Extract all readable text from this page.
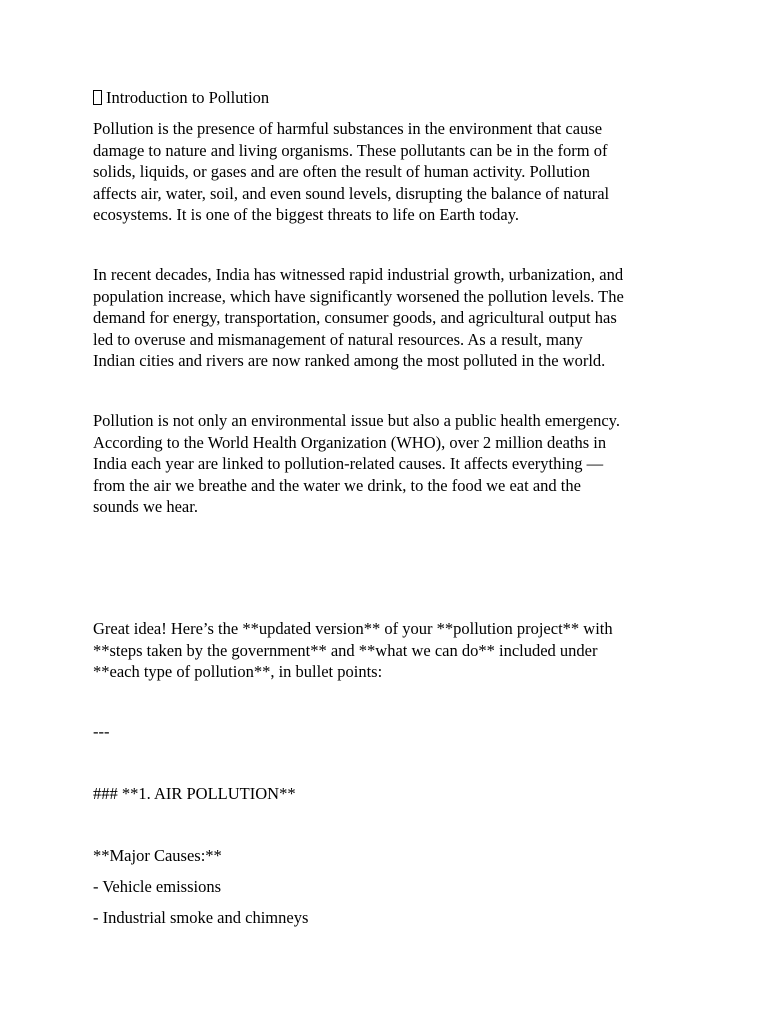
Introduction to Pollution
Pollution is the presence of harmful substances in the environment that cause
damage to nature and living organisms. These pollutants can be in the form of
solids, liquids, or gases and are often the result of human activity. Pollution
affects air, water, soil, and even sound levels, disrupting the balance of natural
ecosystems. It is one of the biggest threats to life on Earth today.
In recent decades, India has witnessed rapid industrial growth, urbanization, and
population increase, which have significantly worsened the pollution levels. The
demand for energy, transportation, consumer goods, and agricultural output has
led to overuse and mismanagement of natural resources. As a result, many
Indian cities and rivers are now ranked among the most polluted in the world.
Pollution is not only an environmental issue but also a public health emergency.
According to the World Health Organization (WHO), over 2 million deaths in
India each year are linked to pollution-related causes. It affects everything —
from the air we breathe and the water we drink, to the food we eat and the
sounds we hear.
Great idea! Here’s the **updated version** of your **pollution project** with
**steps taken by the government** and **what we can do** included under
**each type of pollution**, in bullet points:
---
### **1. AIR POLLUTION**
**Major Causes:**
- Vehicle emissions
- Industrial smoke and chimneys
